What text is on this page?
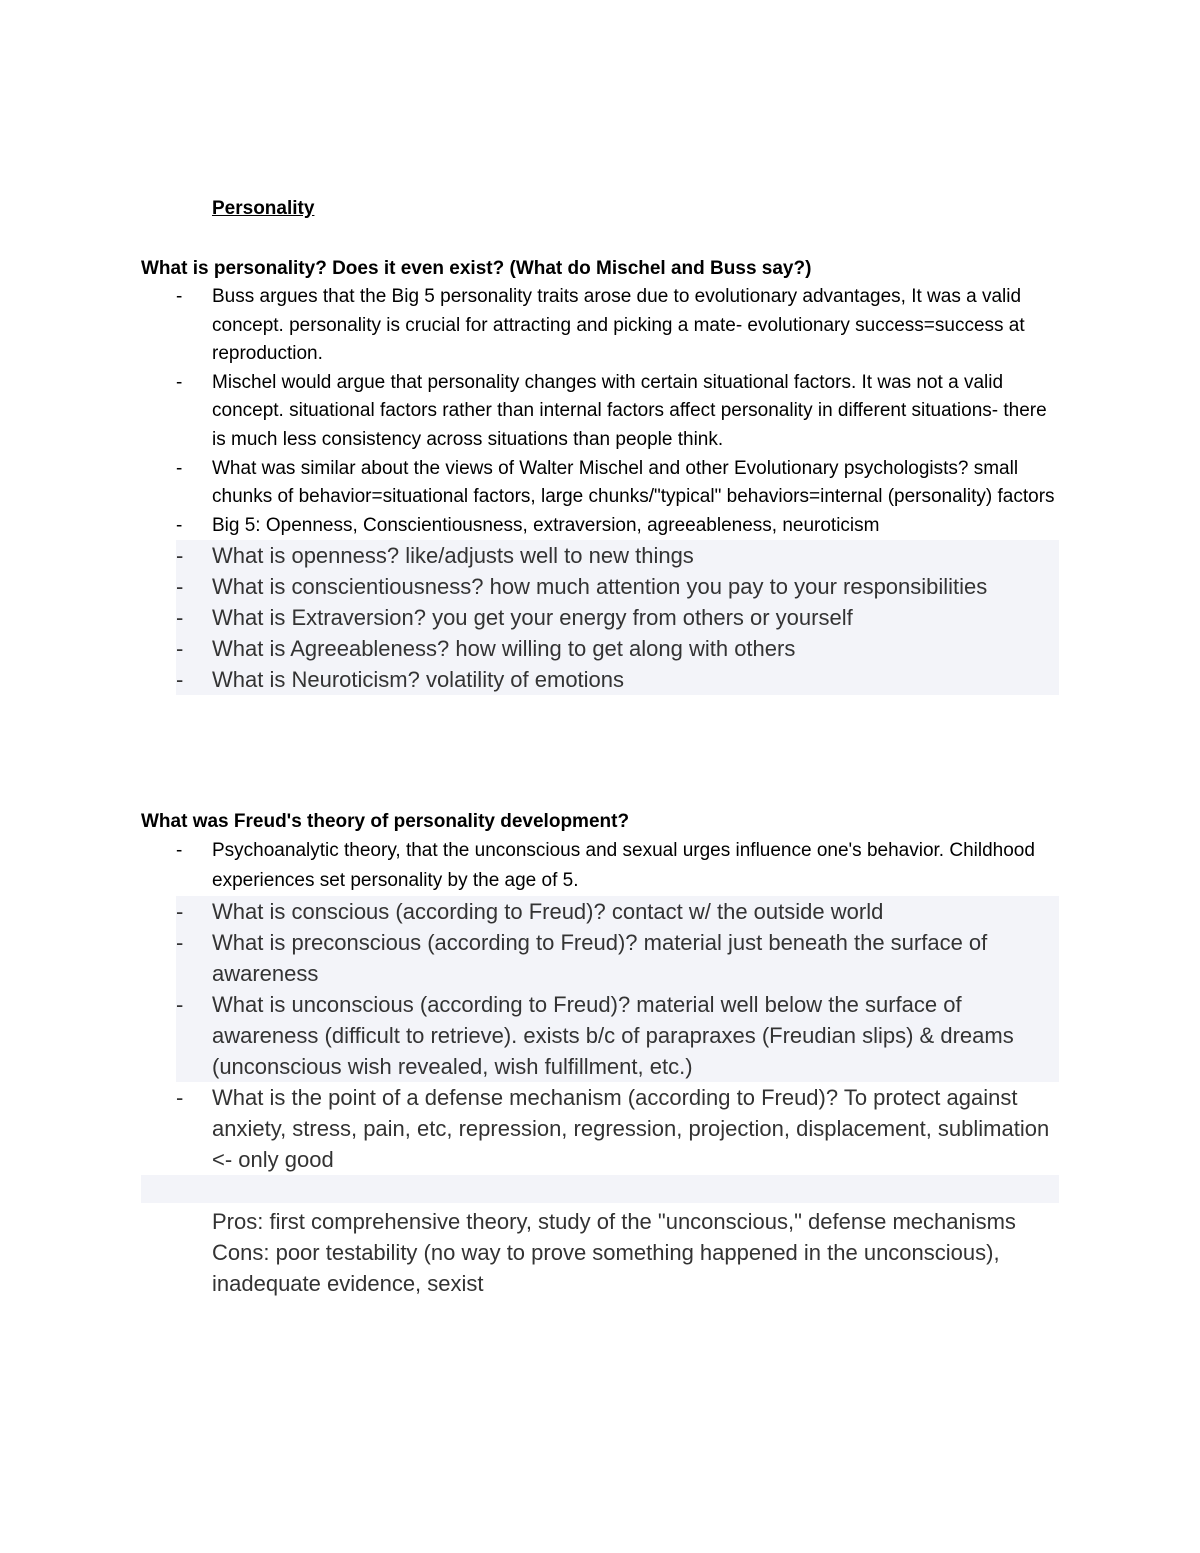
Personality
What is personality? Does it even exist? (What do Mischel and Buss say?)
- Buss argues that the Big 5 personality traits arose due to evolutionary advantages, It was a valid concept. personality is crucial for attracting and picking a mate- evolutionary success=success at reproduction.
- Mischel would argue that personality changes with certain situational factors. It was not a valid concept. situational factors rather than internal factors affect personality in different situations- there is much less consistency across situations than people think.
- What was similar about the views of Walter Mischel and other Evolutionary psychologists? small chunks of behavior=situational factors, large chunks/"typical" behaviors=internal (personality) factors
- Big 5: Openness, Conscientiousness, extraversion, agreeableness, neuroticism
- What is openness? like/adjusts well to new things
- What is conscientiousness? how much attention you pay to your responsibilities
- What is Extraversion? you get your energy from others or yourself
- What is Agreeableness? how willing to get along with others
- What is Neuroticism? volatility of emotions
What was Freud's theory of personality development?
- Psychoanalytic theory, that the unconscious and sexual urges influence one's behavior. Childhood experiences set personality by the age of 5.
- What is conscious (according to Freud)? contact w/ the outside world
- What is preconscious (according to Freud)? material just beneath the surface of awareness
- What is unconscious (according to Freud)? material well below the surface of awareness (difficult to retrieve). exists b/c of parapraxes (Freudian slips) & dreams (unconscious wish revealed, wish fulfillment, etc.)
- What is the point of a defense mechanism (according to Freud)? To protect against anxiety, stress, pain, etc, repression, regression, projection, displacement, sublimation <- only good

Pros: first comprehensive theory, study of the "unconscious," defense mechanisms

Cons: poor testability (no way to prove something happened in the unconscious), inadequate evidence, sexist
